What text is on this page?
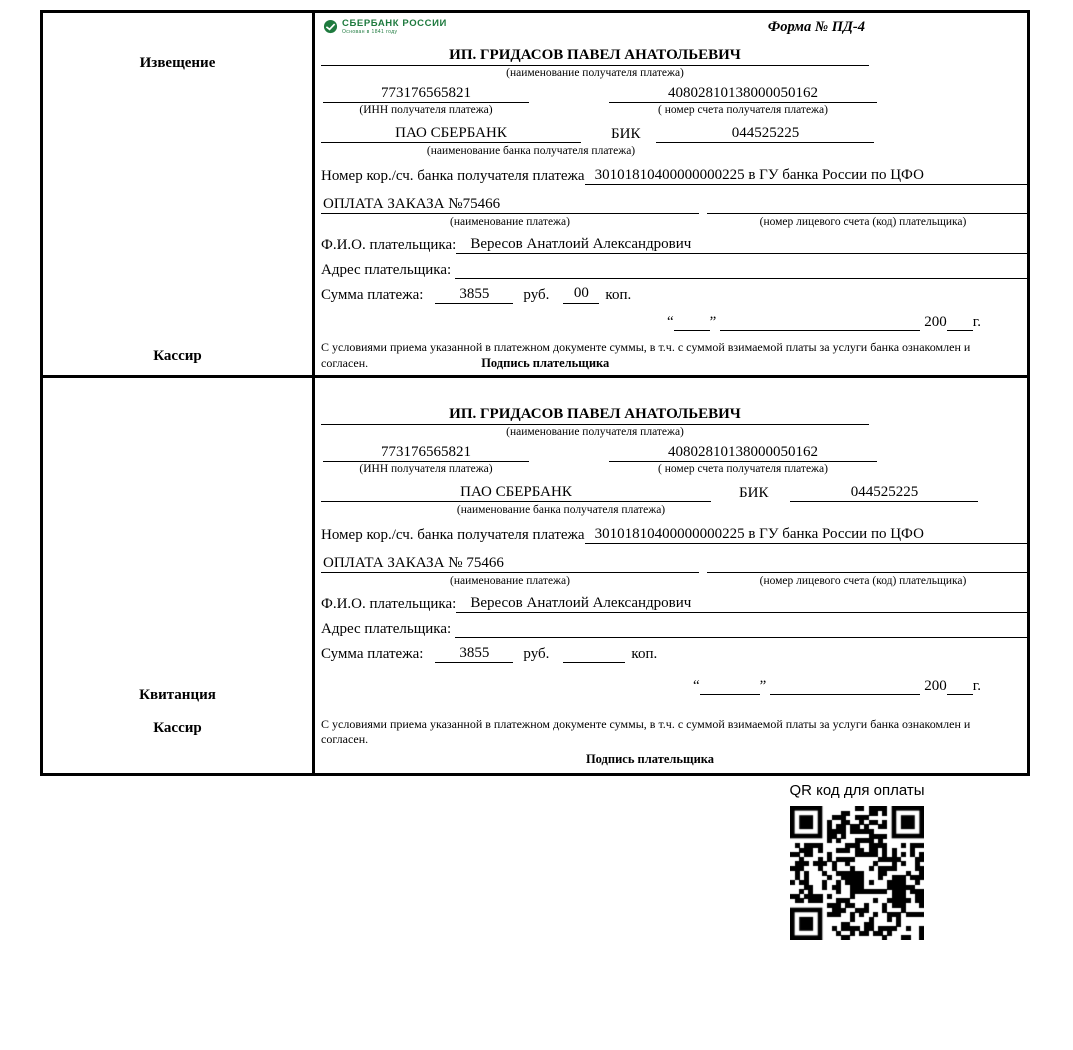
Извещение
Кассир
СБЕРБАНК РОССИИ
Основан в 1841 году	Форма № ПД-4
ИП. ГРИДАСОВ ПАВЕЛ АНАТОЛЬЕВИЧ
(наименование получателя платежа)
773176565821
(ИНН получателя платежа)
40802810138000050162
( номер счета получателя платежа)
ПАО СБЕРБАНК	БИК	044525225
(наименование банка получателя платежа)
Номер кор./сч. банка получателя платежа 30101810400000000225 в ГУ банка России по ЦФО
ОПЛАТА ЗАКАЗА №75466
(наименование платежа)	(номер лицевого счета (код) плательщика)
Ф.И.О. плательщика: Вересов Анатлоий Александрович
Адрес плательщика:
Сумма платежа:	3855	руб.	00	коп.
“ ”	200 г.
С условиями приема указанной в платежном документе суммы, в т.ч. с суммой взимаемой платы за услуги банка ознакомлен и согласен.	Подпись плательщика
Квитанция
Кассир
ИП. ГРИДАСОВ ПАВЕЛ АНАТОЛЬЕВИЧ
(наименование получателя платежа)
773176565821
(ИНН получателя платежа)
40802810138000050162
( номер счета получателя платежа)
ПАО СБЕРБАНК	БИК	044525225
(наименование банка получателя платежа)
Номер кор./сч. банка получателя платежа 30101810400000000225 в ГУ банка России по ЦФО
ОПЛАТА ЗАКАЗА № 75466
(наименование платежа)	(номер лицевого счета (код) плательщика)
Ф.И.О. плательщика: Вересов Анатлоий Александрович
Адрес плательщика:
Сумма платежа:	3855	руб.	коп.
“	”	200 г.
С условиями приема указанной в платежном документе суммы, в т.ч. с суммой взимаемой платы за услуги банка ознакомлен и согласен.
Подпись плательщика
QR код для оплаты
